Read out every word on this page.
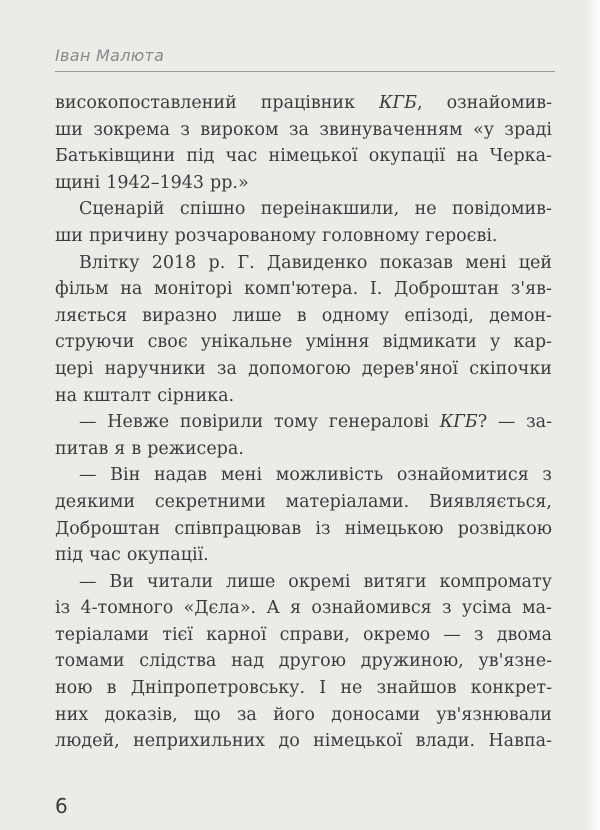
Іван Малюта
високопоставлений працівник КГБ, ознайомив-
ши зокрема з вироком за звинуваченням «у зраді
Батьківщини під час німецької окупації на Черка-
щині 1942–1943 рр.»
Сценарій спішно переінакшили, не повідомив-
ши причину розчарованому головному героєві.
Влітку 2018 р. Г. Давиденко показав мені цей
фільм на моніторі комп'ютера. І. Доброштан з'яв-
ляється виразно лише в одному епізоді, демон-
струючи своє унікальне уміння відмикати у кар-
цері наручники за допомогою дерев'яної скіпочки
на кшталт сірника.
— Невже повірили тому генералові КГБ? — за-
питав я в режисера.
— Він надав мені можливість ознайомитися з
деякими секретними матеріалами. Виявляється,
Доброштан співпрацював із німецькою розвідкою
під час окупації.
— Ви читали лише окремі витяги компромату
із 4-томного «Дєла». А я ознайомився з усіма ма-
теріалами тієї карної справи, окремо — з двома
томами слідства над другою дружиною, ув'язне-
ною в Дніпропетровську. І не знайшов конкрет-
них доказів, що за його доносами ув'язнювали
людей, неприхильних до німецької влади. Навпа-
6
